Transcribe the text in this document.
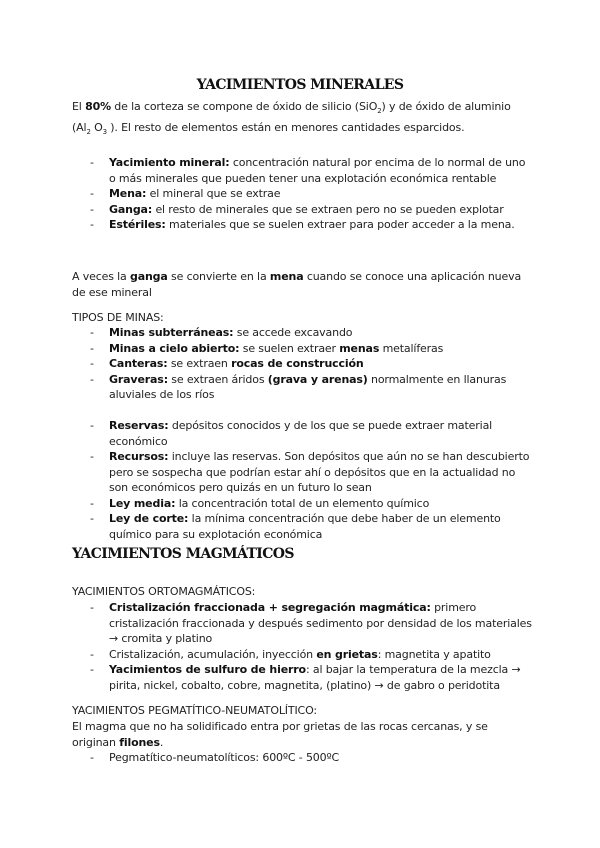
YACIMIENTOS MINERALES
El 80% de la corteza se compone de óxido de silicio (SiO$_2$) y de óxido de aluminio ($Al_2$ $O_3$ ). El resto de elementos están en menores cantidades esparcidos.
- Yacimiento mineral: concentración natural por encima de lo normal de uno o más minerales que pueden tener una explotación económica rentable
- Mena: el mineral que se extrae
- Ganga: el resto de minerales que se extraen pero no se pueden explotar
- Estériles: materiales que se suelen extraer para poder acceder a la mena.
A veces la ganga se convierte en la mena cuando se conoce una aplicación nueva de ese mineral
TIPOS DE MINAS:
- Minas subterráneas: se accede excavando
- Minas a cielo abierto: se suelen extraer menas metalíferas
- Canteras: se extraen rocas de construcción
- Graveras: se extraen áridos (grava y arenas) normalmente en llanuras aluviales de los ríos
- Reservas: depósitos conocidos y de los que se puede extraer material económico
- Recursos: incluye las reservas. Son depósitos que aún no se han descubierto pero se sospecha que podrían estar ahí o depósitos que en la actualidad no son económicos pero quizás en un futuro lo sean
- Ley media: la concentración total de un elemento químico
- Ley de corte: la mínima concentración que debe haber de un elemento químico para su explotación económica
YACIMIENTOS MAGMÁTICOS
YACIMIENTOS ORTOMAGMÁTICOS:
- Cristalización fraccionada + segregación magmática: primero cristalización fraccionada y después sedimento por densidad de los materiales → cromita y platino
- Cristalización, acumulación, inyección en grietas: magnetita y apatito
- Yacimientos de sulfuro de hierro: al bajar la temperatura de la mezcla → pirita, nickel, cobalto, cobre, magnetita, (platino) → de gabro o peridotita
YACIMIENTOS PEGMATÍTICO-NEUMATOLÍTICO:
El magma que no ha solidificado entra por grietas de las rocas cercanas, y se originan filones.
- Pegmatítico-neumatolíticos: 600ºC - 500ºC
